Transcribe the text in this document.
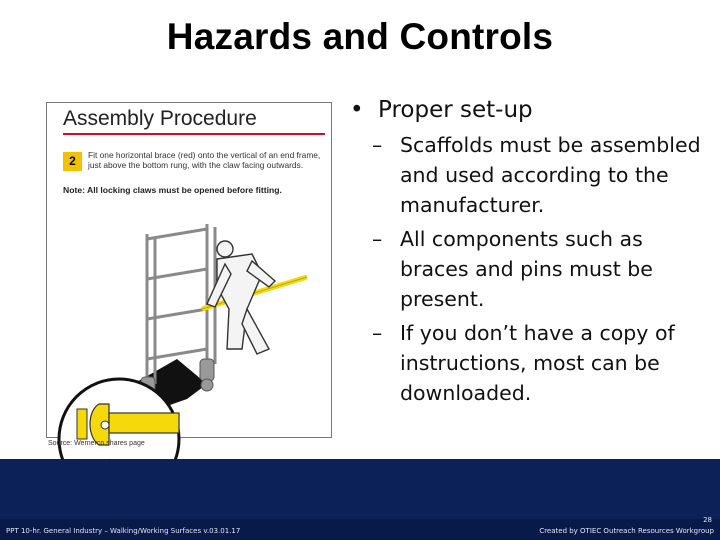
Hazards and Controls
Assembly Procedure
2	Fit one horizontal brace (red) onto the vertical of an end frame, just above the bottom rung, with the claw facing outwards.
Note: All locking claws must be opened before fitting.
Source: Wernerco shares page
• Proper set-up
– Scaffolds must be assembled and used according to the manufacturer.
– All components such as braces and pins must be present.
– If you don’t have a copy of instructions, most can be downloaded.
PPT 10-hr. General Industry – Walking/Working Surfaces v.03.01.17
28
Created by OTIEC Outreach Resources Workgroup
